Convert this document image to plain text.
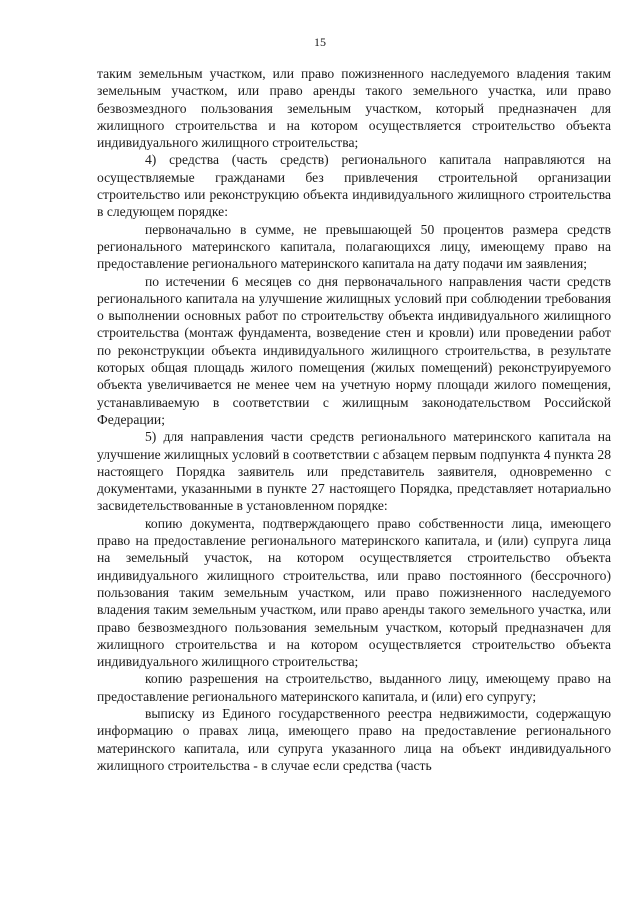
15

таким земельным участком, или право пожизненного наследуемого владения таким земельным участком, или право аренды такого земельного участка, или право безвозмездного пользования земельным участком, который предназначен для жилищного строительства и на котором осуществляется строительство объекта индивидуального жилищного строительства;

4) средства (часть средств) регионального капитала направляются на осуществляемые гражданами без привлечения строительной организации строительство или реконструкцию объекта индивидуального жилищного строительства в следующем порядке:

первоначально в сумме, не превышающей 50 процентов размера средств регионального материнского капитала, полагающихся лицу, имеющему право на предоставление регионального материнского капитала на дату подачи им заявления;

по истечении 6 месяцев со дня первоначального направления части средств регионального капитала на улучшение жилищных условий при соблюдении требования о выполнении основных работ по строительству объекта индивидуального жилищного строительства (монтаж фундамента, возведение стен и кровли) или проведении работ по реконструкции объекта индивидуального жилищного строительства, в результате которых общая площадь жилого помещения (жилых помещений) реконструируемого объекта увеличивается не менее чем на учетную норму площади жилого помещения, устанавливаемую в соответствии с жилищным законодательством Российской Федерации;

5) для направления части средств регионального материнского капитала на улучшение жилищных условий в соответствии с абзацем первым подпункта 4 пункта 28 настоящего Порядка заявитель или представитель заявителя, одновременно с документами, указанными в пункте 27 настоящего Порядка, представляет нотариально засвидетельствованные в установленном порядке:

копию документа, подтверждающего право собственности лица, имеющего право на предоставление регионального материнского капитала, и (или) супруга лица на земельный участок, на котором осуществляется строительство объекта индивидуального жилищного строительства, или право постоянного (бессрочного) пользования таким земельным участком, или право пожизненного наследуемого владения таким земельным участком, или право аренды такого земельного участка, или право безвозмездного пользования земельным участком, который предназначен для жилищного строительства и на котором осуществляется строительство объекта индивидуального жилищного строительства;

копию разрешения на строительство, выданного лицу, имеющему право на предоставление регионального материнского капитала, и (или) его супругу;

выписку из Единого государственного реестра недвижимости, содержащую информацию о правах лица, имеющего право на предоставление регионального материнского капитала, или супруга указанного лица на объект индивидуального жилищного строительства - в случае если средства (часть
